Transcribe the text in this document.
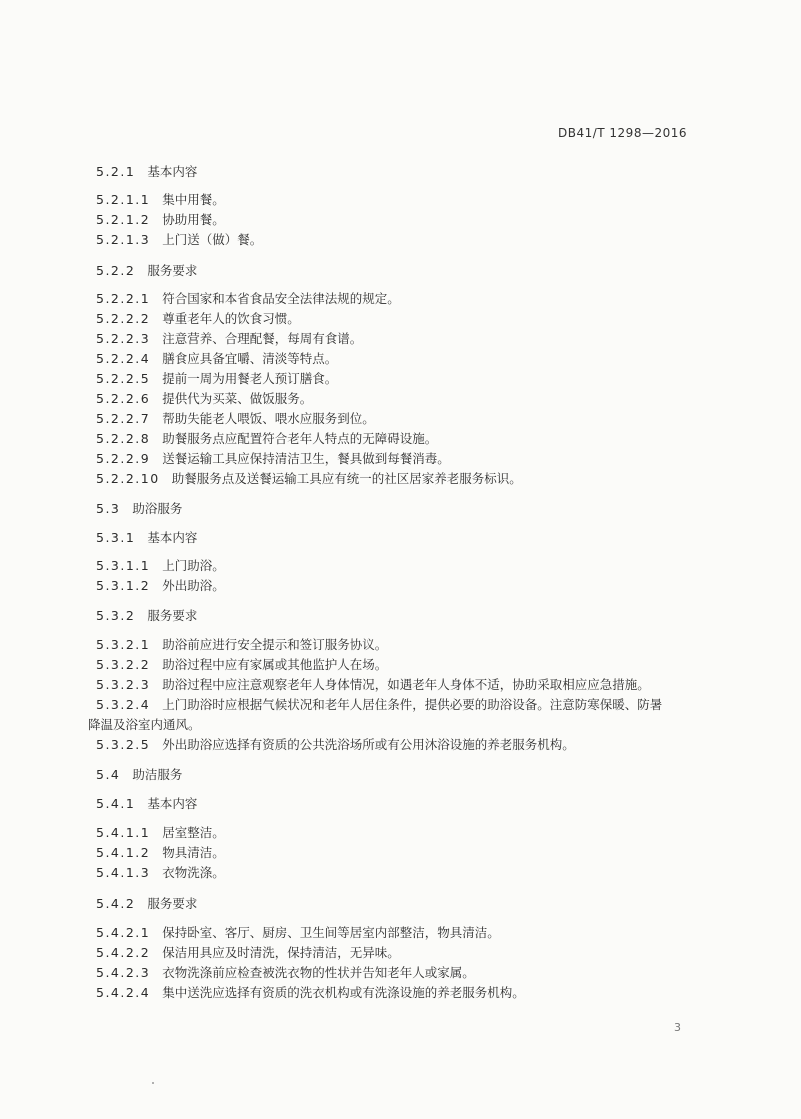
DB41/T 1298—2016
5.2.1 基本内容
5.2.1.1 集中用餐。
5.2.1.2 协助用餐。
5.2.1.3 上门送（做）餐。
5.2.2 服务要求
5.2.2.1 符合国家和本省食品安全法律法规的规定。
5.2.2.2 尊重老年人的饮食习惯。
5.2.2.3 注意营养、合理配餐，每周有食谱。
5.2.2.4 膳食应具备宜嚼、清淡等特点。
5.2.2.5 提前一周为用餐老人预订膳食。
5.2.2.6 提供代为买菜、做饭服务。
5.2.2.7 帮助失能老人喂饭、喂水应服务到位。
5.2.2.8 助餐服务点应配置符合老年人特点的无障碍设施。
5.2.2.9 送餐运输工具应保持清洁卫生，餐具做到每餐消毒。
5.2.2.10 助餐服务点及送餐运输工具应有统一的社区居家养老服务标识。
5.3 助浴服务
5.3.1 基本内容
5.3.1.1 上门助浴。
5.3.1.2 外出助浴。
5.3.2 服务要求
5.3.2.1 助浴前应进行安全提示和签订服务协议。
5.3.2.2 助浴过程中应有家属或其他监护人在场。
5.3.2.3 助浴过程中应注意观察老年人身体情况，如遇老年人身体不适，协助采取相应应急措施。
5.3.2.4 上门助浴时应根据气候状况和老年人居住条件，提供必要的助浴设备。注意防寒保暖、防暑
降温及浴室内通风。
5.3.2.5 外出助浴应选择有资质的公共洗浴场所或有公用沐浴设施的养老服务机构。
5.4 助洁服务
5.4.1 基本内容
5.4.1.1 居室整洁。
5.4.1.2 物具清洁。
5.4.1.3 衣物洗涤。
5.4.2 服务要求
5.4.2.1 保持卧室、客厅、厨房、卫生间等居室内部整洁，物具清洁。
5.4.2.2 保洁用具应及时清洗，保持清洁，无异味。
5.4.2.3 衣物洗涤前应检查被洗衣物的性状并告知老年人或家属。
5.4.2.4 集中送洗应选择有资质的洗衣机构或有洗涤设施的养老服务机构。
3
